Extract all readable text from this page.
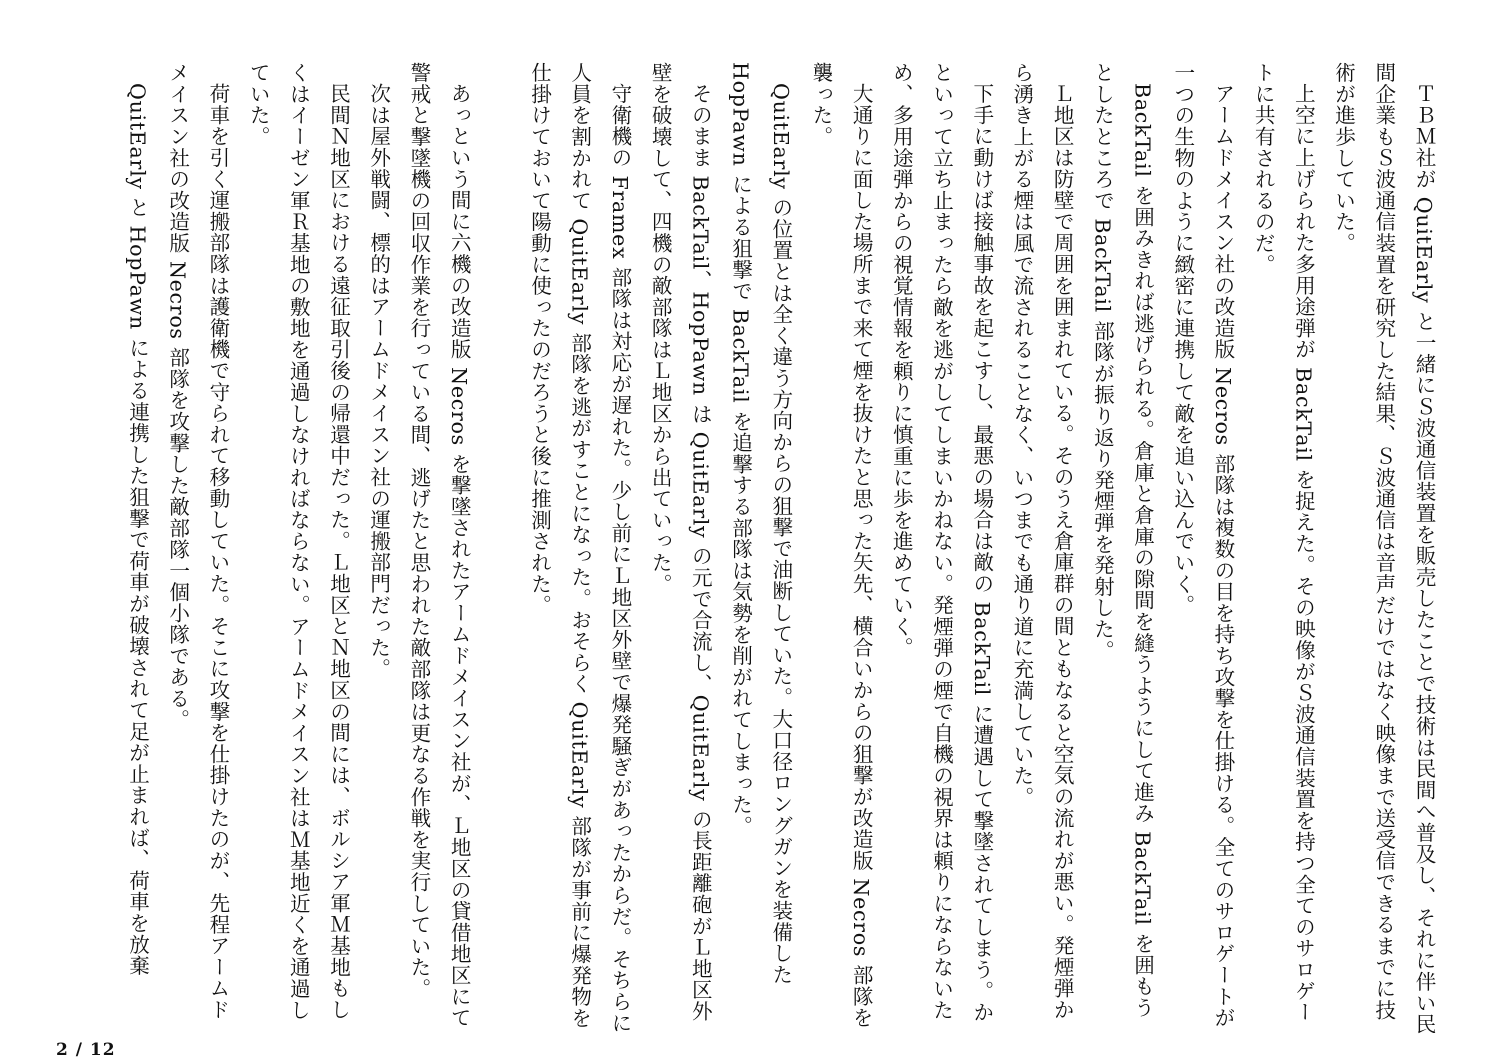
ＴＢＭ社が QuitEarly と一緒にＳ波通信装置を販売したことで技術は民間へ普及し、それに伴い民間企業もＳ波通信装置を研究した結果、Ｓ波通信は音声だけではなく映像まで送受信できるまでに技術が進歩していた。

上空に上げられた多用途弾が BackTail を捉えた。その映像がＳ波通信装置を持つ全てのサロゲートに共有されるのだ。

アームドメイスン社の改造版 Necros 部隊は複数の目を持ち攻撃を仕掛ける。全てのサロゲートが一つの生物のように緻密に連携して敵を追い込んでいく。

BackTail を囲みきれば逃げられる。倉庫と倉庫の隙間を縫うようにして進み BackTail を囲もうとしたところで BackTail 部隊が振り返り発煙弾を発射した。

Ｌ地区は防壁で周囲を囲まれている。そのうえ倉庫群の間ともなると空気の流れが悪い。発煙弾から湧き上がる煙は風で流されることなく、いつまでも通り道に充満していた。

下手に動けば接触事故を起こすし、最悪の場合は敵の BackTail に遭遇して撃墜されてしまう。かといって立ち止まったら敵を逃がしてしまいかねない。発煙弾の煙で自機の視界は頼りにならないため、多用途弾からの視覚情報を頼りに慎重に歩を進めていく。

大通りに面した場所まで来て煙を抜けたと思った矢先、横合いからの狙撃が改造版 Necros 部隊を襲った。

QuitEarly の位置とは全く違う方向からの狙撃で油断していた。大口径ロングガンを装備した HopPawn による狙撃で BackTail を追撃する部隊は気勢を削がれてしまった。

そのまま BackTail、HopPawn は QuitEarly の元で合流し、QuitEarly の長距離砲がＬ地区外壁を破壊して、四機の敵部隊はＬ地区から出ていった。

守衛機の Framex 部隊は対応が遅れた。少し前にＬ地区外壁で爆発騒ぎがあったからだ。そちらに人員を割かれて QuitEarly 部隊を逃がすことになった。おそらく QuitEarly 部隊が事前に爆発物を仕掛けておいて陽動に使ったのだろうと後に推測された。

あっという間に六機の改造版 Necros を撃墜されたアームドメイスン社が、Ｌ地区の貸借地区にて警戒と撃墜機の回収作業を行っている間、逃げたと思われた敵部隊は更なる作戦を実行していた。

次は屋外戦闘、標的はアームドメイスン社の運搬部門だった。

民間Ｎ地区における遠征取引後の帰還中だった。Ｌ地区とＮ地区の間には、ボルシア軍Ｍ基地もしくはイーゼン軍Ｒ基地の敷地を通過しなければならない。アームドメイスン社はＭ基地近くを通過していた。

荷車を引く運搬部隊は護衛機で守られて移動していた。そこに攻撃を仕掛けたのが、先程アームドメイスン社の改造版 Necros 部隊を攻撃した敵部隊一個小隊である。

QuitEarly と HopPawn による連携した狙撃で荷車が破壊されて足が止まれば、荷車を放棄

2 / 12
